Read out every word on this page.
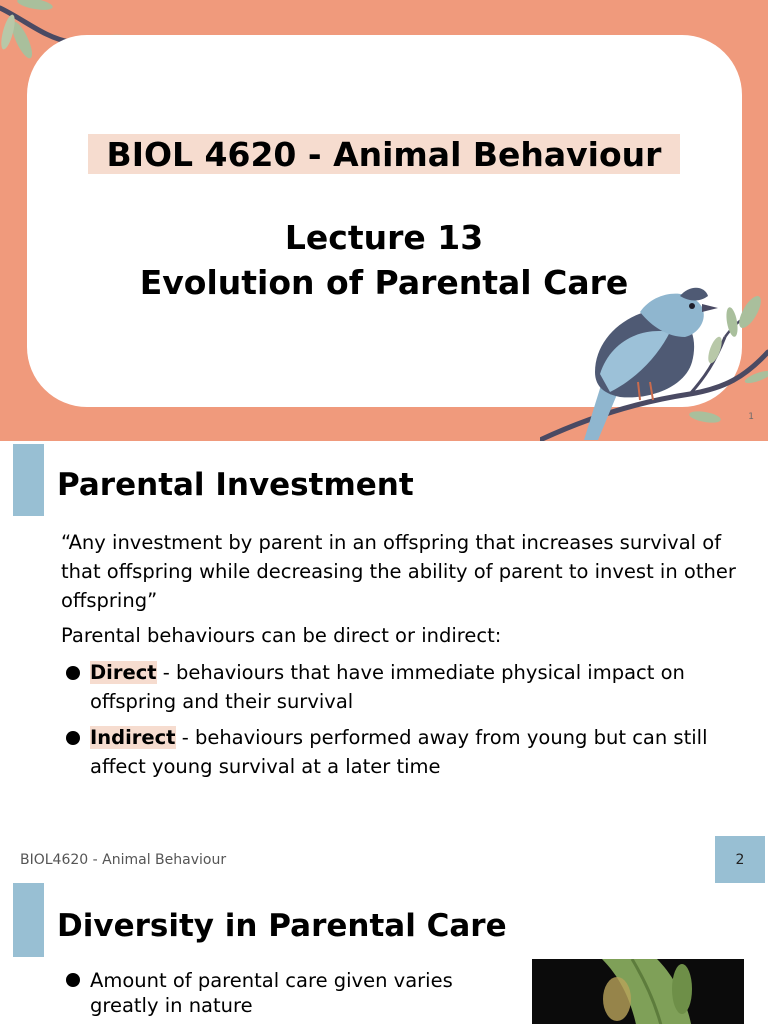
BIOL 4620 - Animal Behaviour
Lecture 13
Evolution of Parental Care
1
Parental Investment
“Any investment by parent in an offspring that increases survival of that offspring while decreasing the ability of parent to invest in other offspring”
Parental behaviours can be direct or indirect:
Direct - behaviours that have immediate physical impact on offspring and their survival
Indirect - behaviours performed away from young but can still affect young survival at a later time
BIOL4620 - Animal Behaviour	2
Diversity in Parental Care
Amount of parental care given varies greatly in nature
